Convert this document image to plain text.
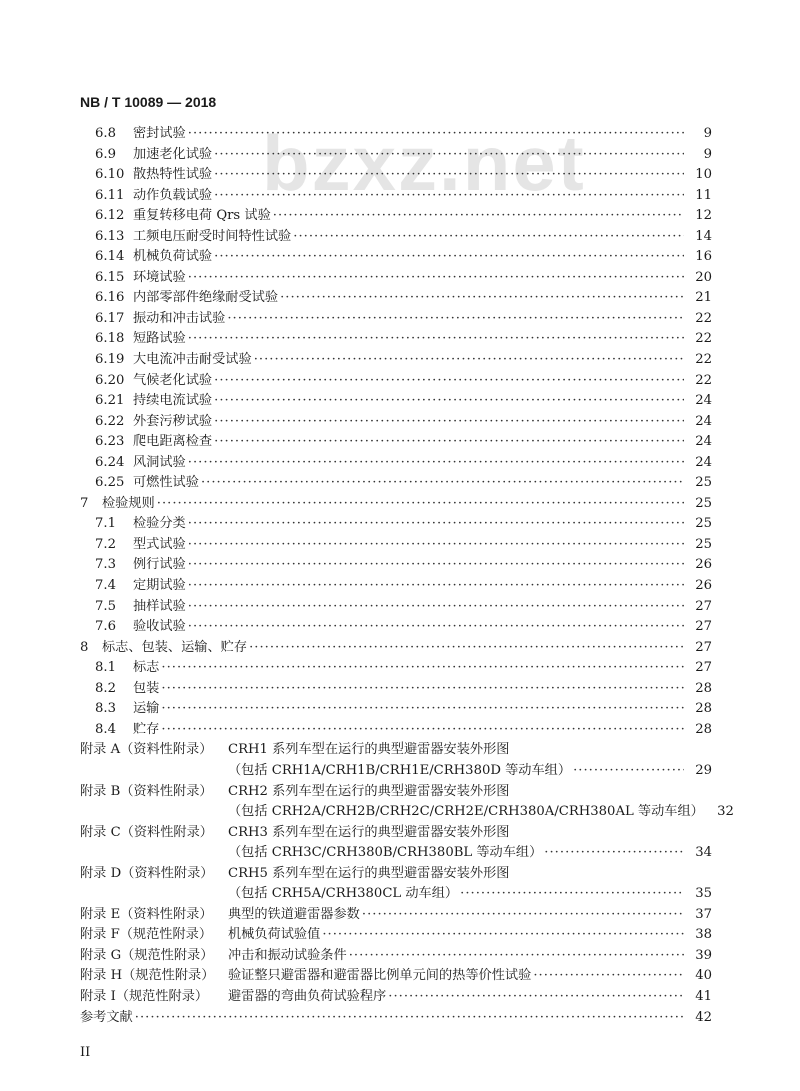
NB / T 10089 — 2018
bzxz.net
6.8	密封试验 ·····	9
6.9	加速老化试验 ·····	9
6.10 散热特性试验 ·····	10
6.11 动作负载试验 ·····	11
6.12 重复转移电荷 Qrs 试验 ·····	12
6.13 工频电压耐受时间特性试验 ·····	14
6.14 机械负荷试验 ·····	16
6.15 环境试验 ·····	20
6.16 内部零部件绝缘耐受试验 ·····	21
6.17 振动和冲击试验 ·····	22
6.18 短路试验 ·····	22
6.19 大电流冲击耐受试验 ·····	22
6.20 气候老化试验 ·····	22
6.21 持续电流试验 ·····	24
6.22 外套污秽试验 ·····	24
6.23 爬电距离检查 ·····	24
6.24 风洞试验 ·····	24
6.25 可燃性试验 ·····	25
7	检验规则 ·····	25
7.1	检验分类 ·····	25
7.2	型式试验 ·····	25
7.3	例行试验 ·····	26
7.4	定期试验 ·····	26
7.5	抽样试验 ·····	27
7.6	验收试验 ·····	27
8	标志、包装、运输、贮存 ·····	27
8.1	标志 ·····	27
8.2	包装 ·····	28
8.3	运输 ·····	28
8.4	贮存 ·····	28
附录 A（资料性附录）	CRH1 系列车型在运行的典型避雷器安装外形图
（包括 CRH1A/CRH1B/CRH1E/CRH380D 等动车组） ·····	29
附录 B（资料性附录）	CRH2 系列车型在运行的典型避雷器安装外形图
（包括 CRH2A/CRH2B/CRH2C/CRH2E/CRH380A/CRH380AL 等动车组）	32
附录 C（资料性附录）	CRH3 系列车型在运行的典型避雷器安装外形图
（包括 CRH3C/CRH380B/CRH380BL 等动车组） ·····	34
附录 D（资料性附录）	CRH5 系列车型在运行的典型避雷器安装外形图
（包括 CRH5A/CRH380CL 动车组） ·····	35
附录 E（资料性附录）	典型的铁道避雷器参数 ·····	37
附录 F（规范性附录）	机械负荷试验值 ·····	38
附录 G（规范性附录）	冲击和振动试验条件 ·····	39
附录 H（规范性附录）	验证整只避雷器和避雷器比例单元间的热等价性试验 ·····	40
附录 I（规范性附录）	避雷器的弯曲负荷试验程序 ·····	41
参考文献 ·····	42
II
